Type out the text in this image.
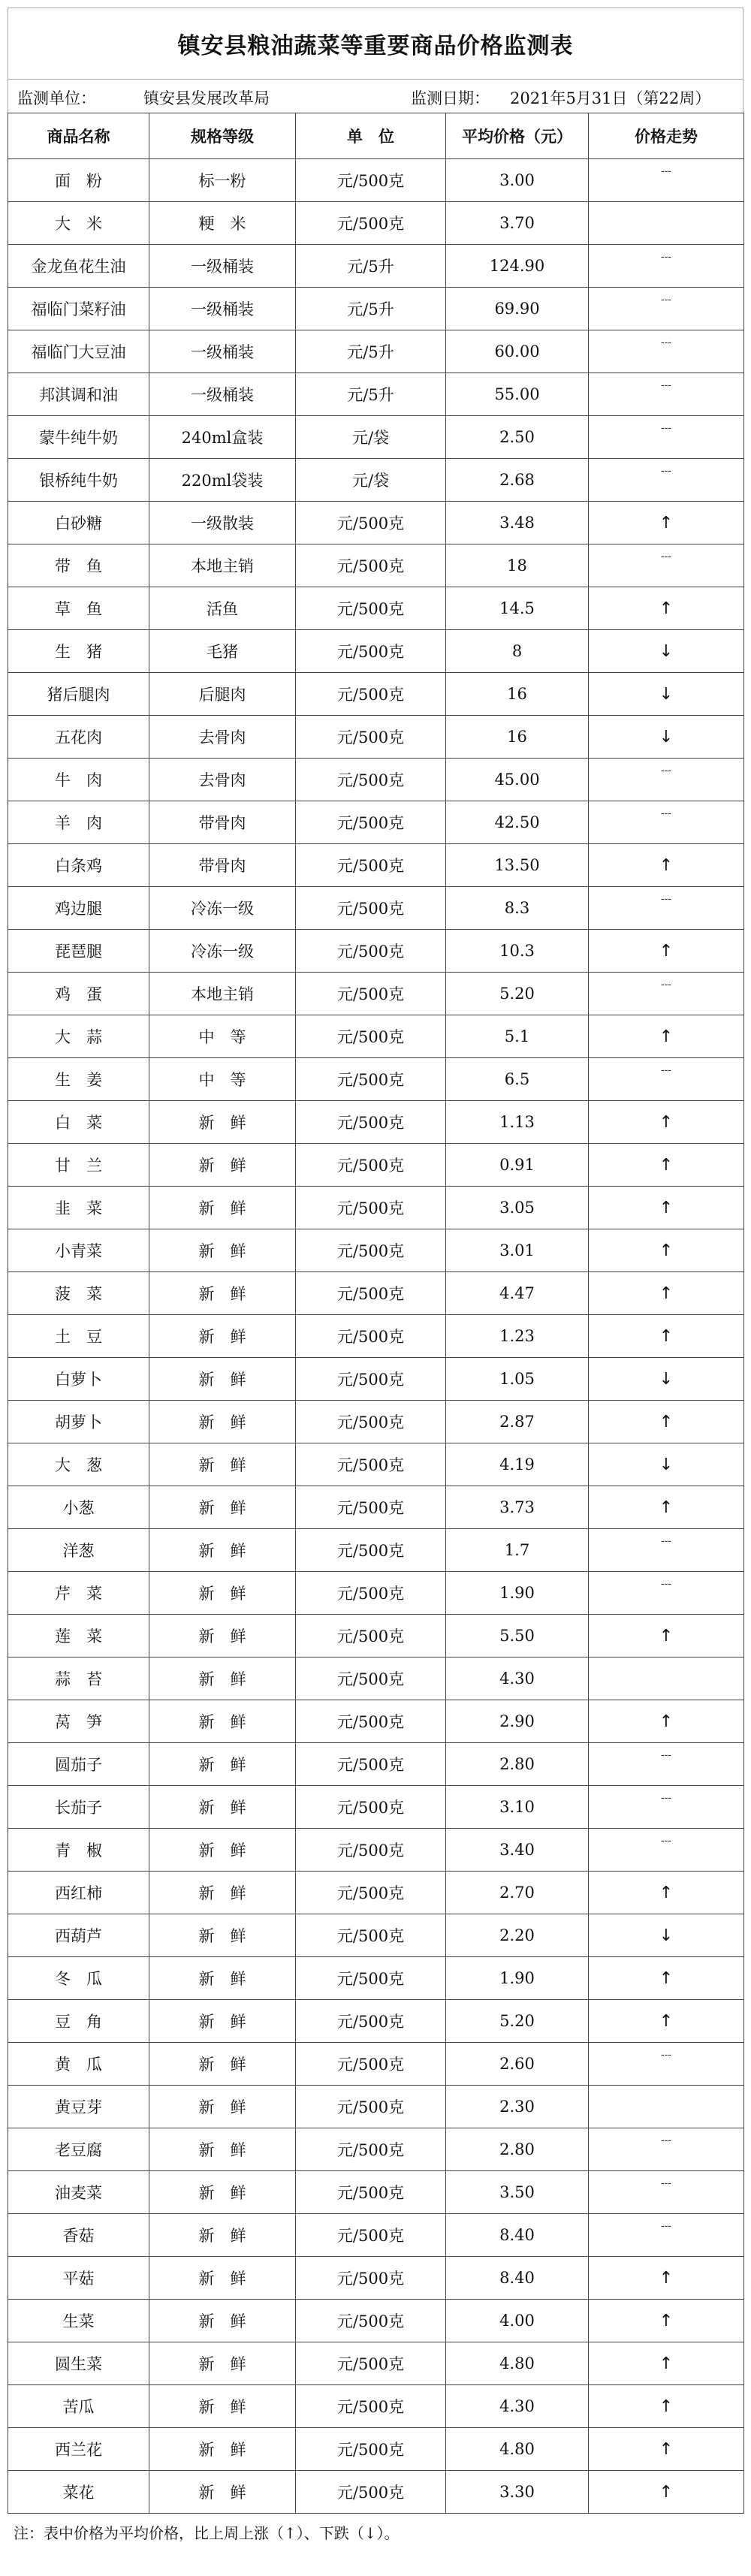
镇安县粮油蔬菜等重要商品价格监测表
监测单位：	镇安县发展改革局	监测日期： 2021年5月31日（第22周）
商品名称	规格等级	单　位	平均价格（元）	价格走势
面　粉	标一粉	元/500克	3.00	---

大　米	粳　米	元/500克	3.70	
金龙鱼花生油	一级桶装	元/5升	124.90	---

福临门菜籽油	一级桶装	元/5升	69.90	---

福临门大豆油	一级桶装	元/5升	60.00	---

邦淇调和油	一级桶装	元/5升	55.00	---

蒙牛纯牛奶	240ml盒装	元/袋	2.50	---

银桥纯牛奶	220ml袋装	元/袋	2.68	---

白砂糖	一级散装	元/500克	3.48	↑
带　鱼	本地主销	元/500克	18	---

草　鱼	活鱼	元/500克	14.5	↑
生　猪	毛猪	元/500克	8	↓
猪后腿肉	后腿肉	元/500克	16	↓
五花肉	去骨肉	元/500克	16	↓
牛　肉	去骨肉	元/500克	45.00	---

羊　肉	带骨肉	元/500克	42.50	---

白条鸡	带骨肉	元/500克	13.50	↑
鸡边腿	冷冻一级	元/500克	8.3	---

琵琶腿	冷冻一级	元/500克	10.3	↑
鸡　蛋	本地主销	元/500克	5.20	---

大　蒜	中　等	元/500克	5.1	↑
生　姜	中　等	元/500克	6.5	---

白　菜	新　鲜	元/500克	1.13	↑
甘　兰	新　鲜	元/500克	0.91	↑
韭　菜	新　鲜	元/500克	3.05	↑
小青菜	新　鲜	元/500克	3.01	↑
菠　菜	新　鲜	元/500克	4.47	↑
土　豆	新　鲜	元/500克	1.23	↑
白萝卜	新　鲜	元/500克	1.05	↓
胡萝卜	新　鲜	元/500克	2.87	↑
大　葱	新　鲜	元/500克	4.19	↓
小葱	新　鲜	元/500克	3.73	↑
洋葱	新　鲜	元/500克	1.7	---

芹　菜	新　鲜	元/500克	1.90	---

莲　菜	新　鲜	元/500克	5.50	↑
蒜　苔	新　鲜	元/500克	4.30	
莴　笋	新　鲜	元/500克	2.90	↑
圆茄子	新　鲜	元/500克	2.80	---

长茄子	新　鲜	元/500克	3.10	---

青　椒	新　鲜	元/500克	3.40	---

西红柿	新　鲜	元/500克	2.70	↑
西葫芦	新　鲜	元/500克	2.20	↓
冬　瓜	新　鲜	元/500克	1.90	↑
豆　角	新　鲜	元/500克	5.20	↑
黄　瓜	新　鲜	元/500克	2.60	---

黄豆芽	新　鲜	元/500克	2.30	
老豆腐	新　鲜	元/500克	2.80	---

油麦菜	新　鲜	元/500克	3.50	---

香菇	新　鲜	元/500克	8.40	---

平菇	新　鲜	元/500克	8.40	↑
生菜	新　鲜	元/500克	4.00	↑
圆生菜	新　鲜	元/500克	4.80	↑
苦瓜	新　鲜	元/500克	4.30	↑
西兰花	新　鲜	元/500克	4.80	↑
菜花	新　鲜	元/500克	3.30	↑
注：表中价格为平均价格，比上周上涨（↑）、下跌（↓）。
